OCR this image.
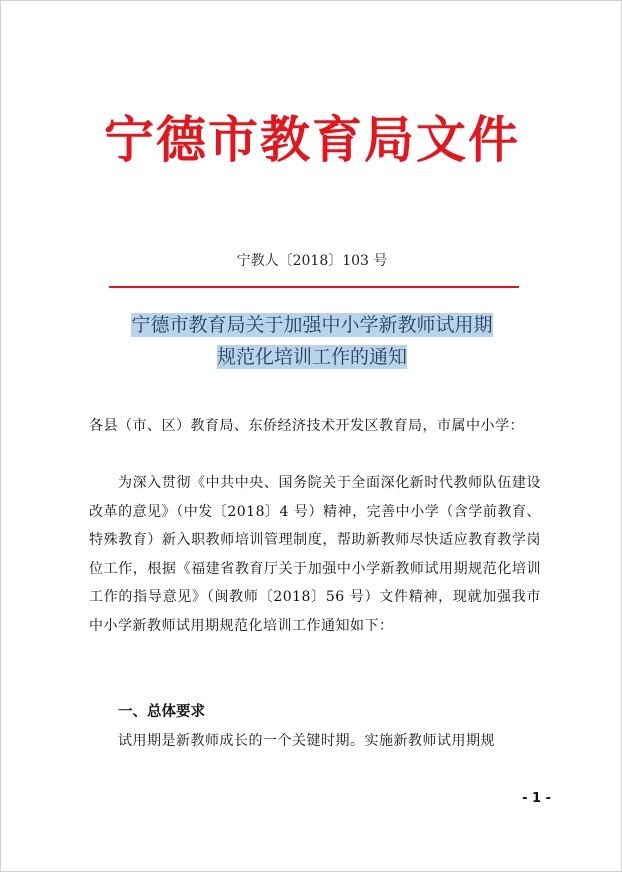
宁德市教育局文件
宁教人〔2018〕103 号
宁德市教育局关于加强中小学新教师试用期
规范化培训工作的通知

各县（市、区）教育局、东侨经济技术开发区教育局，市属中小学：

为深入贯彻《中共中央、国务院关于全面深化新时代教师队伍建设改革的意见》（中发〔2018〕4 号）精神，完善中小学（含学前教育、特殊教育）新入职教师培训管理制度，帮助新教师尽快适应教育教学岗位工作，根据《福建省教育厅关于加强中小学新教师试用期规范化培训工作的指导意见》（闽教师〔2018〕56 号）文件精神，现就加强我市中小学新教师试用期规范化培训工作通知如下：

一、总体要求

试用期是新教师成长的一个关键时期。实施新教师试用期规

- 1 -
